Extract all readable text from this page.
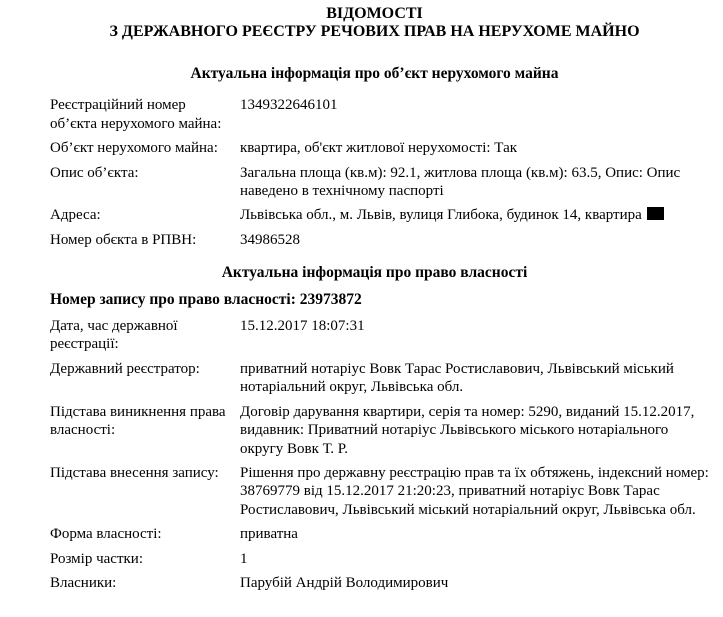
ВІДОМОСТІ
З ДЕРЖАВНОГО РЕЄСТРУ РЕЧОВИХ ПРАВ НА НЕРУХОМЕ МАЙНО
Актуальна інформація про об’єкт нерухомого майна
Реєстраційний номер об’єкта нерухомого майна:
1349322646101
Об’єкт нерухомого майна:	квартира, об'єкт житлової нерухомості: Так
Опис об’єкта:	Загальна площа (кв.м): 92.1, житлова площа (кв.м): 63.5, Опис: Опис наведено в технічному паспорті
Адреса:	Львівська обл., м. Львів, вулиця Глибока, будинок 14, квартира
Номер обєкта в РПВН:	34986528
Актуальна інформація про право власності
Номер запису про право власності: 23973872
Дата, час державної реєстрації:
15.12.2017 18:07:31
Державний реєстратор:	приватний нотаріус Вовк Тарас Ростиславович, Львівський міський нотаріальний округ, Львівська обл.
Підстава виникнення права власності:
Договір дарування квартири, серія та номер: 5290, виданий 15.12.2017, видавник: Приватний нотаріус Львівського міського нотаріального округу Вовк Т. Р.
Підстава внесення запису:	Рішення про державну реєстрацію прав та їх обтяжень, індексний номер: 38769779 від 15.12.2017 21:20:23, приватний нотаріус Вовк Тарас Ростиславович, Львівський міський нотаріальний округ, Львівська обл.
Форма власності:	приватна
Розмір частки:	1
Власники:	Парубій Андрій Володимирович
